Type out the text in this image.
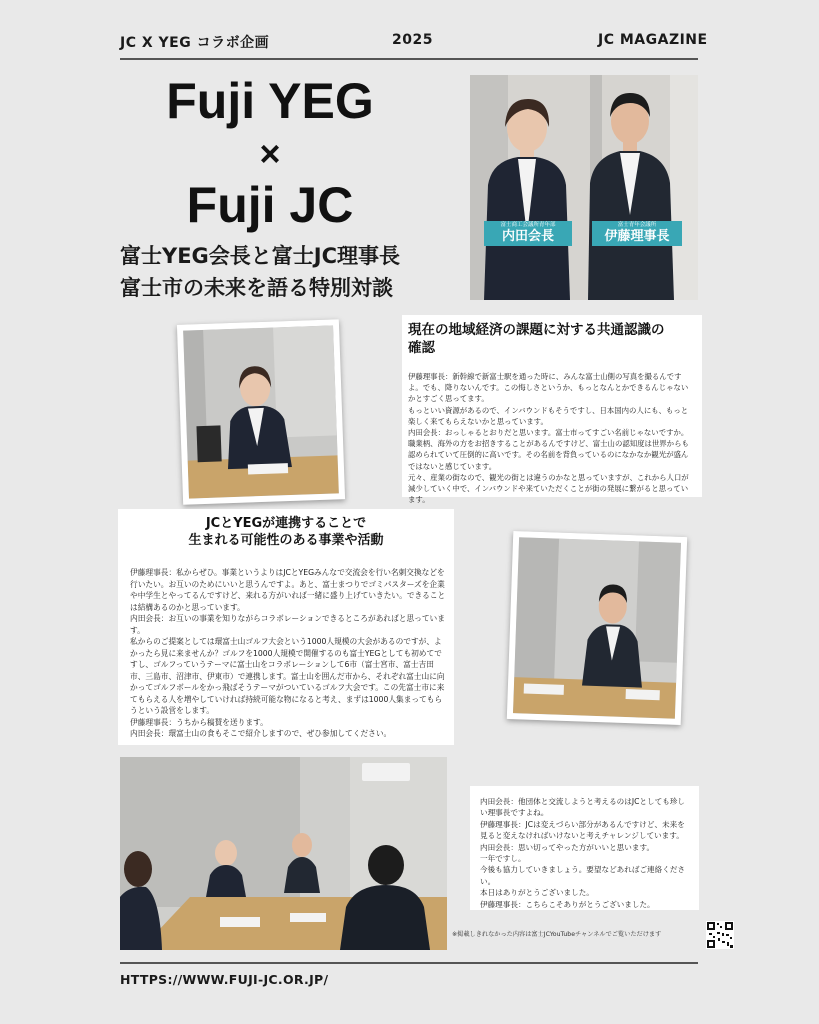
JC X YEG コラボ企画	2025	JC MAGAZINE
Fuji YEG
×
Fuji JC
富士YEG会長と富士JC理事長
富士市の未来を語る特別対談
富士商工会議所青年部
内田会長
富士青年会議所
伊藤理事長
現在の地域経済の課題に対する共通認識の
確認

伊藤理事長：新幹線で新富士駅を通った時に、みんな富士山側の写真を撮るんですよ。でも、降りないんです。この悔しさというか、もっとなんとかできるんじゃないかとすごく思ってます。

もっといい資源があるので、インバウンドもそうですし、日本国内の人にも、もっと楽しく来てもらえないかと思っています。

内田会長：おっしゃるとおりだと思います。富士市ってすごい名前じゃないですか。職業柄、海外の方をお招きすることがあるんですけど、富士山の認知度は世界からも認められていて圧倒的に高いです。その名前を背負っているのになかなか観光が盛んではないと感じています。

元々、産業の街なので、観光の街とは違うのかなと思っていますが、これから人口が減少していく中で、インバウンドや来ていただくことが街の発展に繋がると思っています。

JCとYEGが連携することで
生まれる可能性のある事業や活動

伊藤理事長：私からぜひ。事業というよりはJCとYEGみんなで交流会を行い名刺交換などを行いたい。お互いのためにいいと思うんですよ。あと、富士まつりでゴミパスターズを企業や中学生とやってるんですけど、来れる方がいれば一緒に盛り上げていきたい。できることは結構あるのかと思っています。

内田会長：お互いの事業を知りながらコラボレーションできるところがあればと思っています。

私からのご提案としては環富士山ゴルフ大会という1000人規模の大会があるのですが、よかったら見に来ませんか？ゴルフを1000人規模で開催するのも富士YEGとしても初めてですし、ゴルフっていうテーマに富士山をコラボレーションして6市（富士宮市、富士吉田市、三島市、沼津市、伊東市）で連携します。富士山を囲んだ市から、それぞれ富士山に向かってゴルフボールをかっ飛ばそうテーマがついているゴルフ大会です。この先富士市に来てもらえる人を増やしていければ持続可能な物になると考え、まずは1000人集まってもらうという設営をします。

伊藤理事長：うちから稿賛を送ります。

内田会長：環富士山の食もそこで紹介しますので、ぜひ参加してください。

内田会長：他団体と交流しようと考えるのはJCとしても珍しい理事長ですよね。

伊藤理事長：JCは変えづらい部分があるんですけど、未来を見ると変えなければいけないと考えチャレンジしています。

内田会長：思い切ってやった方がいいと思います。

一年ですし。

今後も協力していきましょう。要望などあればご連絡ください。

本日はありがとうございました。

伊藤理事長：こちらこそありがとうございました。

※掲載しきれなかった内容は富士JCYouTubeチャンネルでご覧いただけます
HTTPS://WWW.FUJI-JC.OR.JP/
